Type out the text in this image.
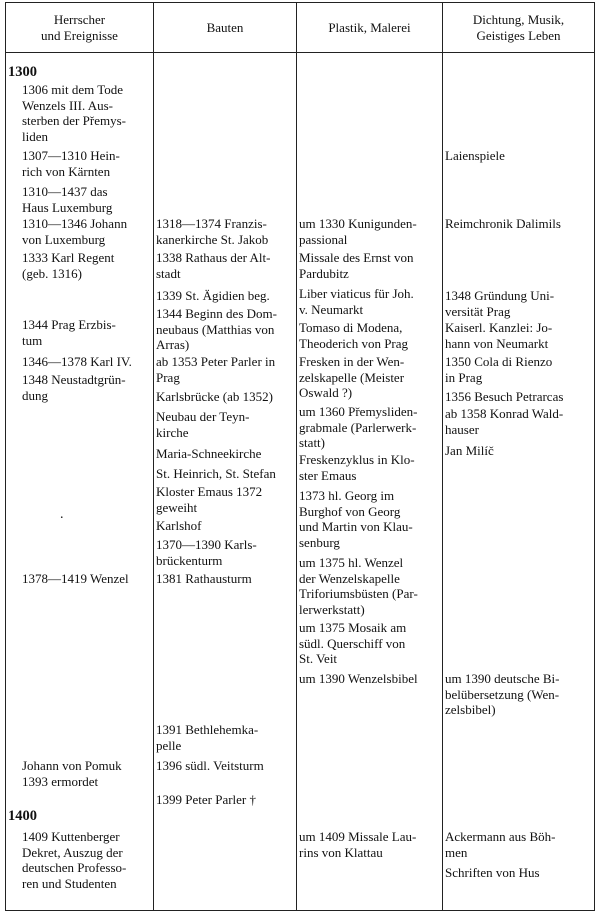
Herrscher
und Ereignisse
Bauten	Plastik, Malerei
Dichtung, Musik,
Geistiges Leben
1300
1400
1306 mit dem Tode
Wenzels III. Aus-
sterben der Přemys-
liden
1307—1310 Hein-
rich von Kärnten
1310—1437 das
Haus Luxemburg
1310—1346 Johann
von Luxemburg
1333 Karl Regent
(geb. 1316)
1344 Prag Erzbis-
tum
1346—1378 Karl IV.
1348 Neustadtgrün-
dung
.
1378—1419 Wenzel
Johann von Pomuk
1393 ermordet
1409 Kuttenberger
Dekret, Auszug der
deutschen Professo-
ren und Studenten
1318—1374 Franzis-
kanerkirche St. Jakob
1338 Rathaus der Alt-
stadt
1339 St. Ägidien beg.
1344 Beginn des Dom-
neubaus (Matthias von
Arras)
ab 1353 Peter Parler in
Prag
Karlsbrücke (ab 1352)
Neubau der Teyn-
kirche
Maria-Schneekirche
St. Heinrich, St. Stefan
Kloster Emaus 1372
geweiht
Karlshof
1370—1390 Karls-
brückenturm
1381 Rathausturm
1391 Bethlehemka-
pelle
1396 südl. Veitsturm
1399 Peter Parler †
um 1330 Kunigunden-
passional
Missale des Ernst von
Pardubitz
Liber viaticus für Joh.
v. Neumarkt
Tomaso di Modena,
Theoderich von Prag
Fresken in der Wen-
zelskapelle (Meister
Oswald ?)
um 1360 Přemysliden-
grabmale (Parlerwerk-
statt)
Freskenzyklus in Klo-
ster Emaus
1373 hl. Georg im
Burghof von Georg
und Martin von Klau-
senburg
um 1375 hl. Wenzel
der Wenzelskapelle
Triforiumsbüsten (Par-
lerwerkstatt)
um 1375 Mosaik am
südl. Querschiff von
St. Veit
um 1390 Wenzelsbibel
um 1409 Missale Lau-
rins von Klattau
Laienspiele
Reimchronik Dalimils
1348 Gründung Uni-
versität Prag
Kaiserl. Kanzlei: Jo-
hann von Neumarkt
1350 Cola di Rienzo
in Prag
1356 Besuch Petrarcas
ab 1358 Konrad Wald-
hauser
Jan Milíč
um 1390 deutsche Bi-
belübersetzung (Wen-
zelsbibel)
Ackermann aus Böh-
men
Schriften von Hus
